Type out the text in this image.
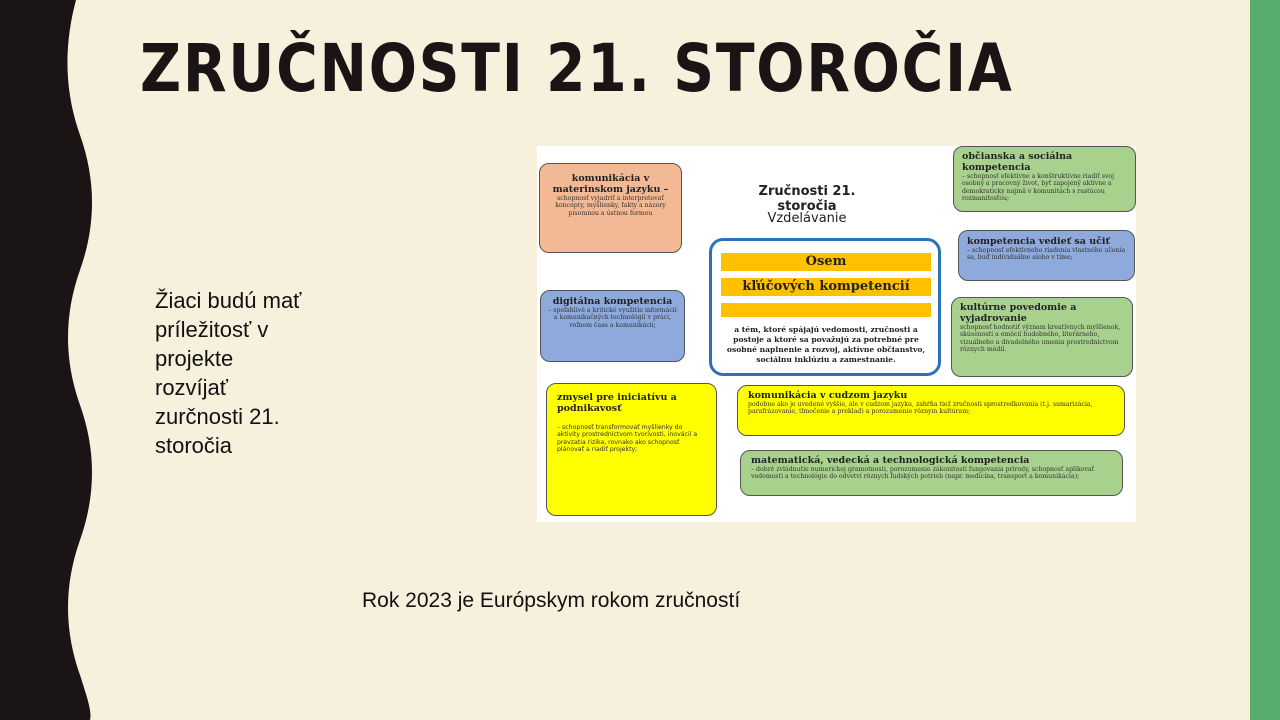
ZRUČNOSTI 21. STOROČIA
Žiaci budú mať príležitosť v projekte rozvíjať zurčnosti 21. storočia
komunikácia v materinskom jazyku –
schopnosť vyjadriť a interpretovať koncepty, myšlienky, fakty a názory písomnou a ústnou formou
Zručnosti 21. storočia
Vzdelávanie
Osem
kľúčových kompetencií
a tém, ktoré spájajú vedomosti, zručnosti a postoje a ktoré sa považujú za potrebné pre osobné naplnenie a rozvoj, aktívne občianstvo, sociálnu inklúziu a zamestnanie.
občianska a sociálna kompetencia
– schopnosť efektívne a konštruktívne riadiť svoj osobný a pracovný život, byť zapojený aktívne a demokraticky najmä v komunitách s rastúcou rozmanitosťou;
kompetencia vedieť sa učiť
– schopnosť efektívneho riadenia vlastného učenia sa, buď individuálne alebo v tíme;
digitálna kompetencia
– spoľahlivé a kritické využitie informácií a komunikačných technológií v práci, voľnom čase a komunikácii;
kultúrne povedomie a vyjadrovanie
schopnosť hodnotiť význam kreatívnych myšlienok, skúseností a emócií hudobného, literárneho, vizuálneho a divadelného umenia prostredníctvom rôznych médií.
zmysel pre iniciatívu a podnikavosť
– schopnosť transformovať myšlienky do aktivity prostredníctvom tvorivosti, inovácií a prevzatia rizika, rovnako ako schopnosť plánovať a riadiť projekty;
komunikácia v cudzom jazyku
podobne ako je uvedené vyššie, ale v cudzom jazyku, zahŕňa tiež zručnosti sprostredkovania (t.j. sumarizácia, parafrázovanie, tlmočenie a preklad) a porozumenie rôznym kultúram;
matematická, vedecká a technologická kompetencia
– dobré zvládnutie numerickej gramotnosti, porozumenie zákonitostí fungovania prírody, schopnosť aplikovať vedomosti a technológie do odvetví rôznych ľudských potrieb (napr. medicína, transport a komunikácia);
Rok 2023 je Európskym rokom zručností
